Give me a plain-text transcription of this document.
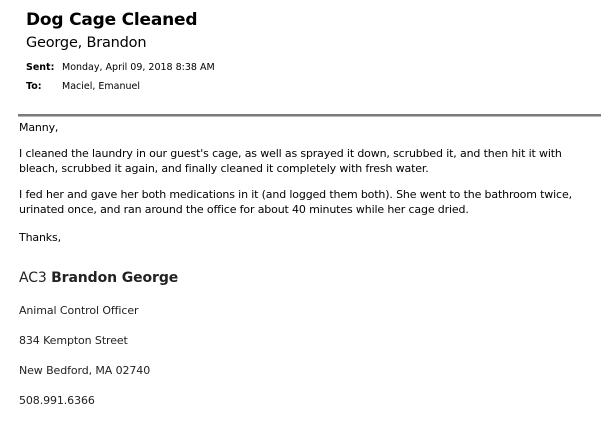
Dog Cage Cleaned
George, Brandon
Sent: Monday, April 09, 2018 8:38 AM
To: Maciel, Emanuel
Manny,
I cleaned the laundry in our guest's cage, as well as sprayed it down, scrubbed it, and then hit it with bleach, scrubbed it again, and finally cleaned it completely with fresh water.
I fed her and gave her both medications in it (and logged them both). She went to the bathroom twice, urinated once, and ran around the office for about 40 minutes while her cage dried.
Thanks,
AC3 Brandon George
Animal Control Officer
834 Kempton Street
New Bedford, MA 02740
508.991.6366
